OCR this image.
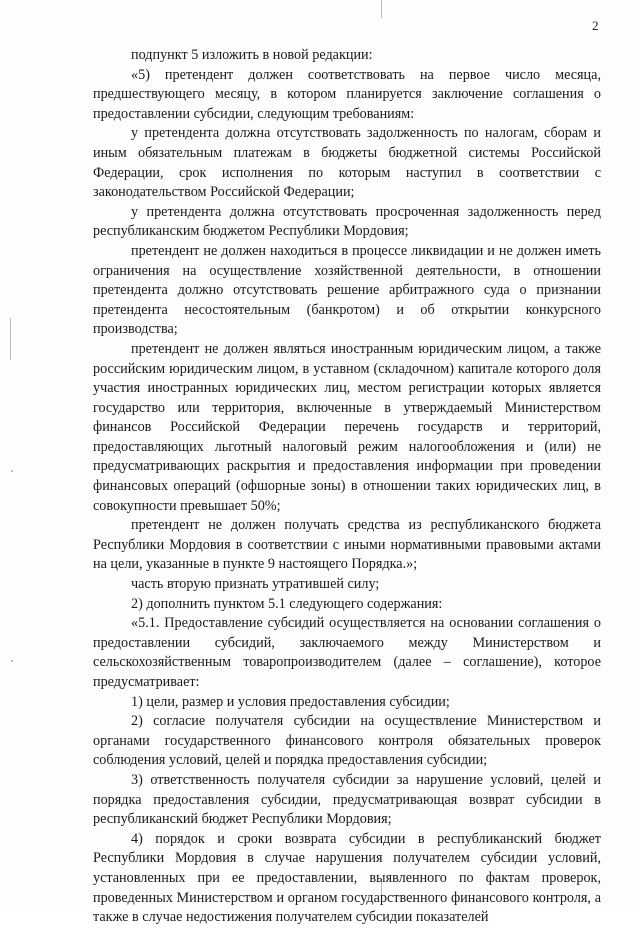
2

подпункт 5 изложить в новой редакции:

«5) претендент должен соответствовать на первое число месяца, предшествующего месяцу, в котором планируется заключение соглашения о предоставлении субсидии, следующим требованиям:

у претендента должна отсутствовать задолженность по налогам, сборам и иным обязательным платежам в бюджеты бюджетной системы Российской Федерации, срок исполнения по которым наступил в соответствии с законодательством Российской Федерации;

у претендента должна отсутствовать просроченная задолженность перед республиканским бюджетом Республики Мордовия;

претендент не должен находиться в процессе ликвидации и не должен иметь ограничения на осуществление хозяйственной деятельности, в отношении претендента должно отсутствовать решение арбитражного суда о признании претендента несостоятельным (банкротом) и об открытии конкурсного производства;

претендент не должен являться иностранным юридическим лицом, а также российским юридическим лицом, в уставном (складочном) капитале которого доля участия иностранных юридических лиц, местом регистрации которых является государство или территория, включенные в утверждаемый Министерством финансов Российской Федерации перечень государств и территорий, предоставляющих льготный налоговый режим налогообложения и (или) не предусматривающих раскрытия и предоставления информации при проведении финансовых операций (офшорные зоны) в отношении таких юридических лиц, в совокупности превышает 50%;

претендент не должен получать средства из республиканского бюджета Республики Мордовия в соответствии с иными нормативными правовыми актами на цели, указанные в пункте 9 настоящего Порядка.»;

часть вторую признать утратившей силу;

2) дополнить пунктом 5.1 следующего содержания:

«5.1. Предоставление субсидий осуществляется на основании соглашения о предоставлении субсидий, заключаемого между Министерством и сельскохозяйственным товаропроизводителем (далее – соглашение), которое предусматривает:

1) цели, размер и условия предоставления субсидии;

2) согласие получателя субсидии на осуществление Министерством и органами государственного финансового контроля обязательных проверок соблюдения условий, целей и порядка предоставления субсидии;

3) ответственность получателя субсидии за нарушение условий, целей и порядка предоставления субсидии, предусматривающая возврат субсидии в республиканский бюджет Республики Мордовия;

4) порядок и сроки возврата субсидии в республиканский бюджет Республики Мордовия в случае нарушения получателем субсидии условий, установленных при ее предоставлении, выявленного по фактам проверок, проведенных Министерством и органом государственного финансового контроля, а также в случае недостижения получателем субсидии показателей
